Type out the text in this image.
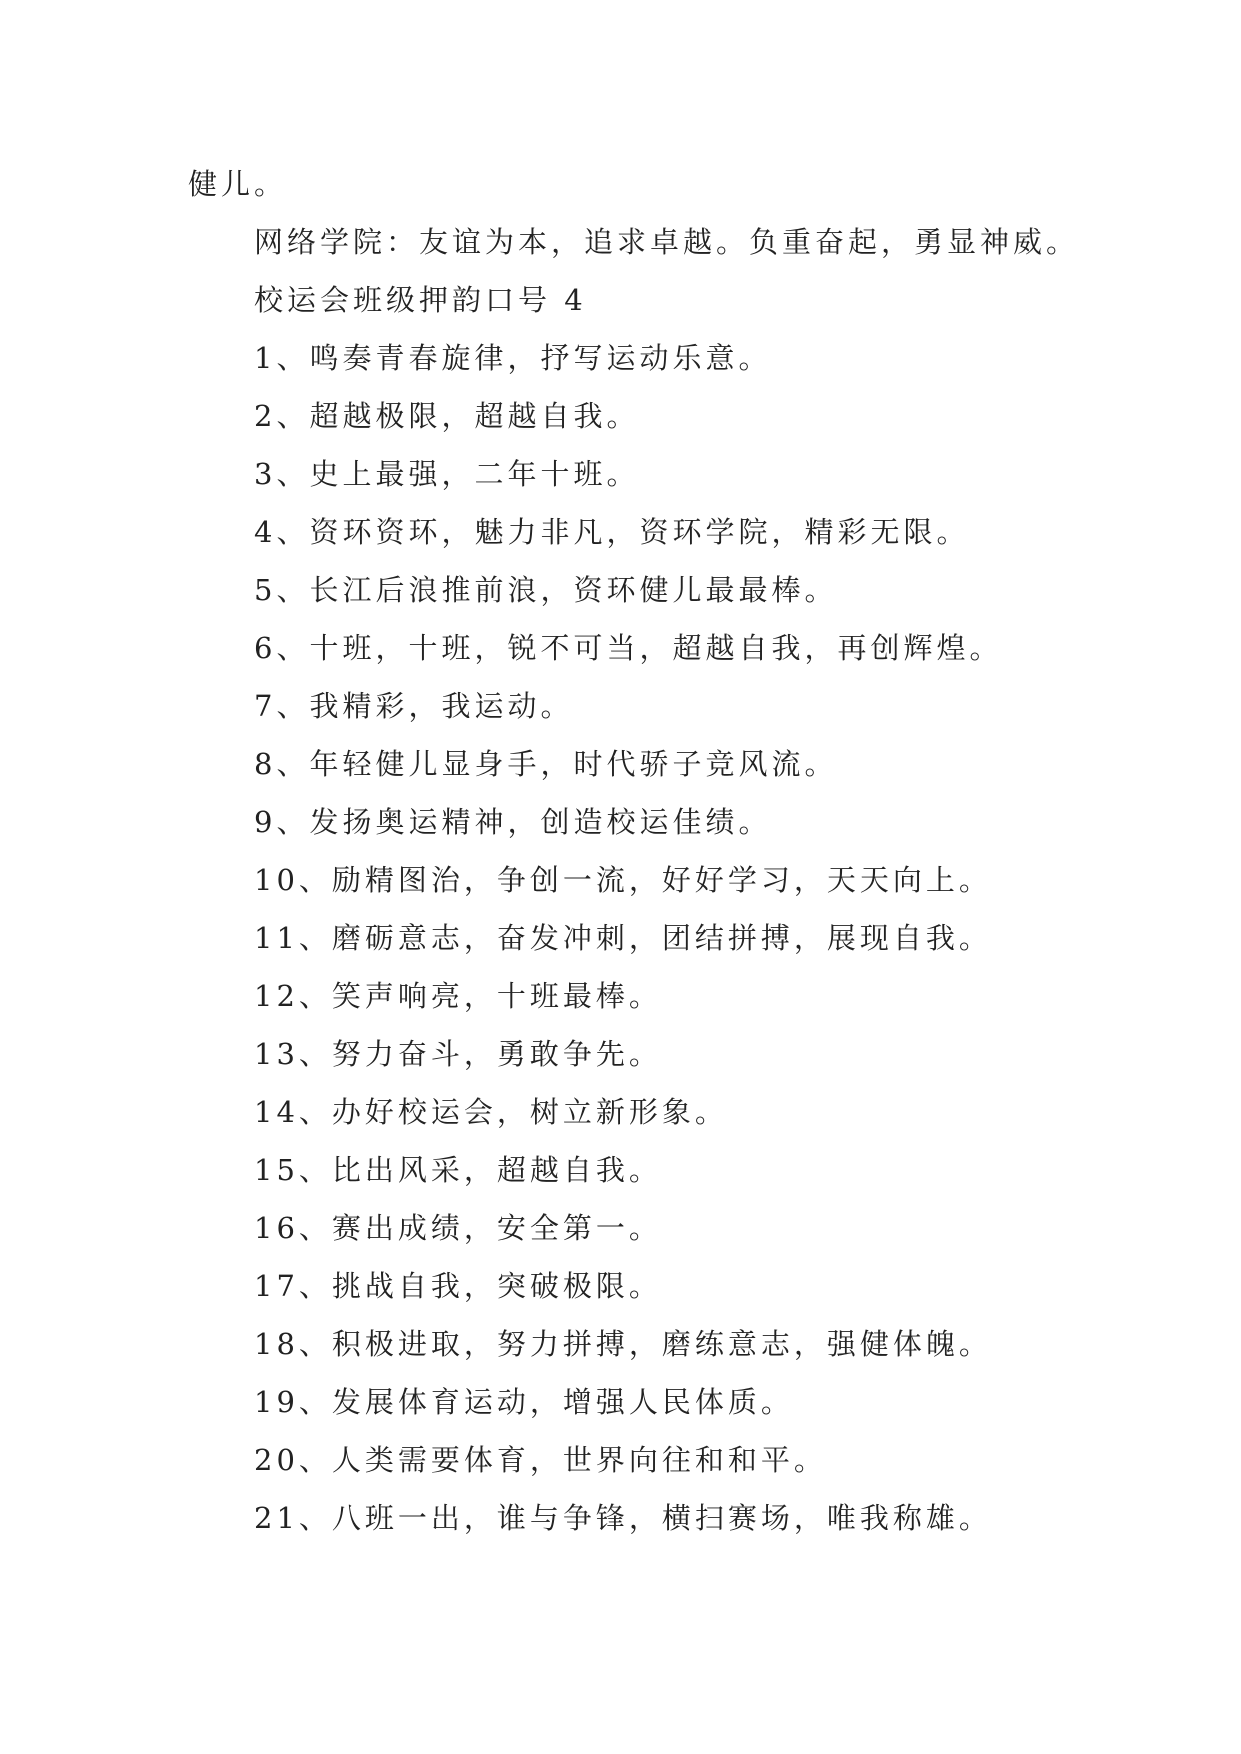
健儿。
网络学院：友谊为本，追求卓越。负重奋起，勇显神威。
校运会班级押韵口号 4
1、鸣奏青春旋律，抒写运动乐意。
2、超越极限，超越自我。
3、史上最强，二年十班。
4、资环资环，魅力非凡，资环学院，精彩无限。
5、长江后浪推前浪，资环健儿最最棒。
6、十班，十班，锐不可当，超越自我，再创辉煌。
7、我精彩，我运动。
8、年轻健儿显身手，时代骄子竞风流。
9、发扬奥运精神，创造校运佳绩。
10、励精图治，争创一流，好好学习，天天向上。
11、磨砺意志，奋发冲刺，团结拼搏，展现自我。
12、笑声响亮，十班最棒。
13、努力奋斗，勇敢争先。
14、办好校运会，树立新形象。
15、比出风采，超越自我。
16、赛出成绩，安全第一。
17、挑战自我，突破极限。
18、积极进取，努力拼搏，磨练意志，强健体魄。
19、发展体育运动，增强人民体质。
20、人类需要体育，世界向往和和平。
21、八班一出，谁与争锋，横扫赛场，唯我称雄。
